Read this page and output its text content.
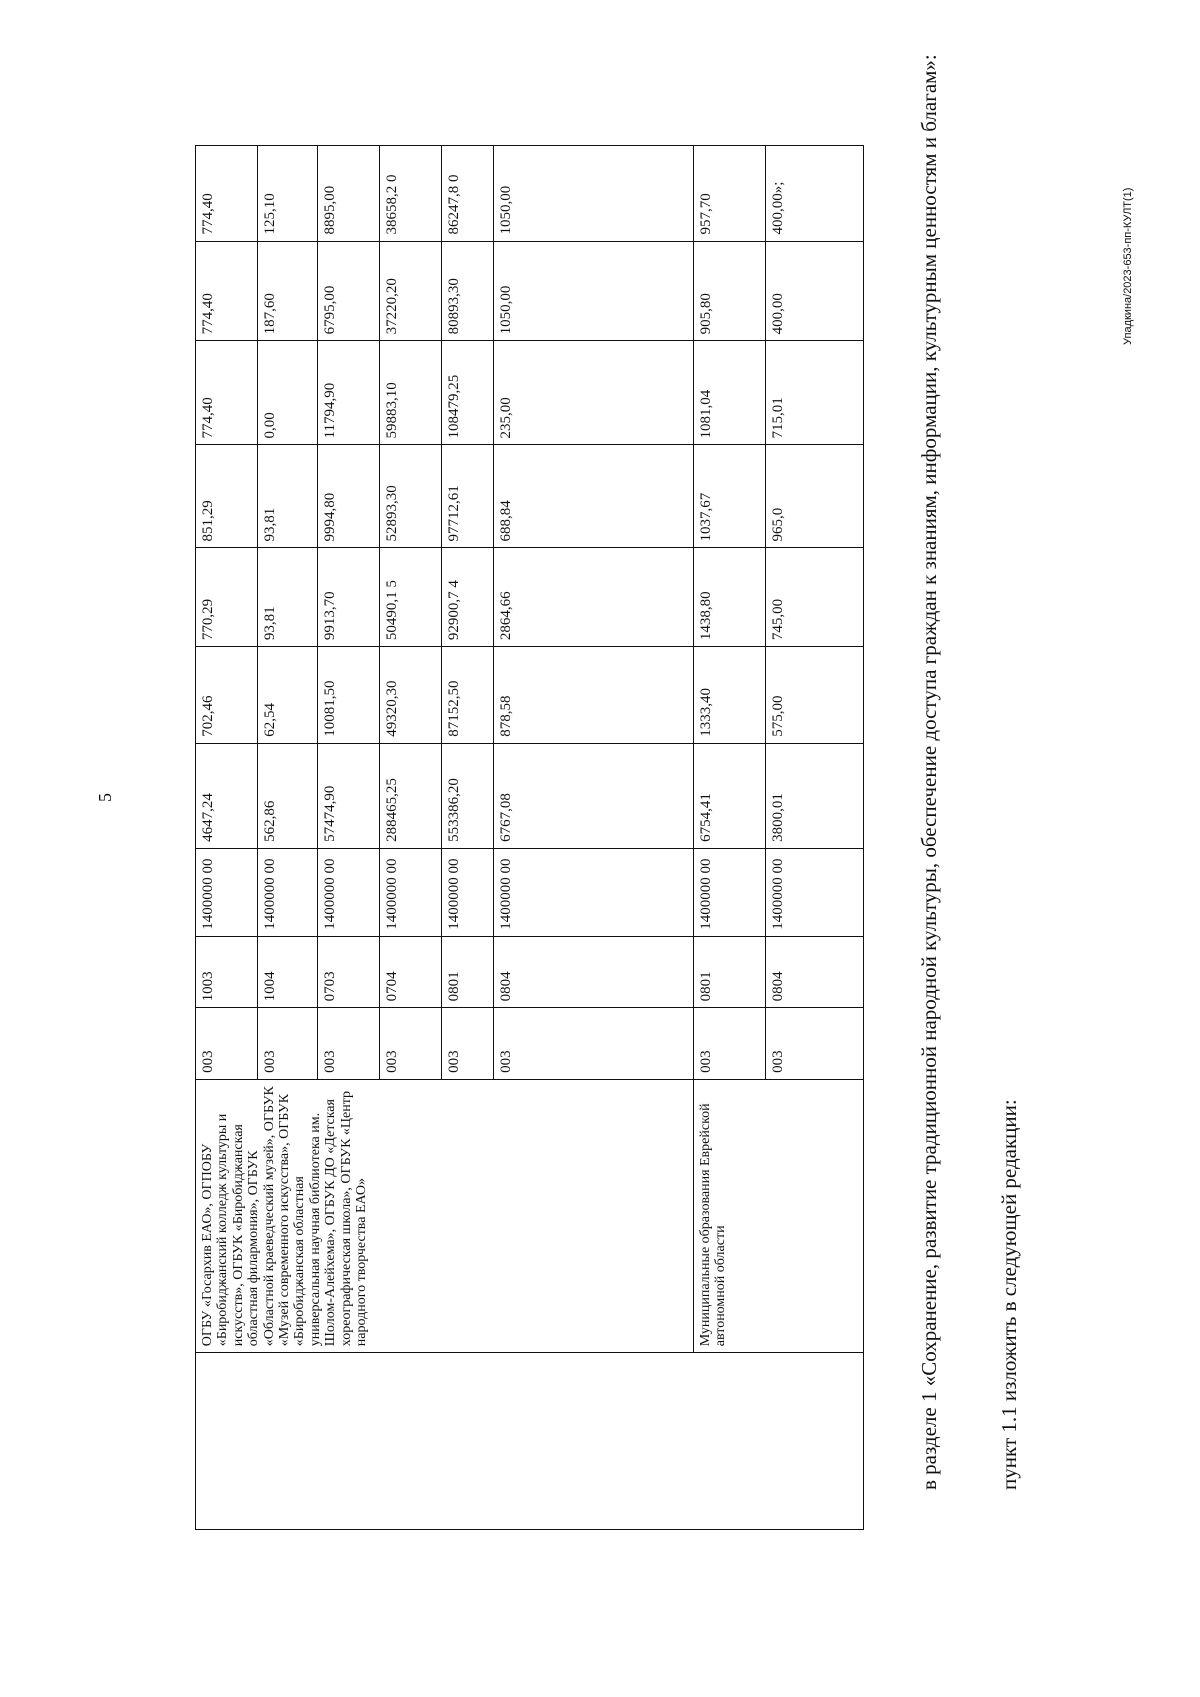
5
Упадкина/2023-653-пп-КУЛТ(1)
	ОГБУ «Госархив ЕАО», ОГПОБУ «Биробиджанский колледж культуры и искусств», ОГБУК «Биробиджанская областная филармония», ОГБУК «Областной краеведческий музей», ОГБУК «Музей современного искусства», ОГБУК «Биробиджанская областная универсальная научная библиотека им. Шолом-Алейхема», ОГБУК ДО «Детская хореографическая школа», ОГБУК «Центр народного творчества ЕАО»	003	1003	1400000 00	4647,24	702,46	770,29	851,29	774,40	774,40	774,40
		003	1004	1400000 00	562,86	62,54	93,81	93,81	0,00	187,60	125,10
		003	0703	1400000 00	57474,90	10081,50	9913,70	9994,80	11794,90	6795,00	8895,00
		003	0704	1400000 00	288465,25	49320,30	50490,1 5	52893,30	59883,10	37220,20	38658,2 0
		003	0801	1400000 00	553386,20	87152,50	92900,7 4	97712,61	108479,25	80893,30	86247,8 0
		003	0804	1400000 00	6767,08	878,58	2864,66	688,84	235,00	1050,00	1050,00
	Муниципальные образования Еврейской автономной области	003	0801	1400000 00	6754,41	1333,40	1438,80	1037,67	1081,04	905,80	957,70
		003	0804	1400000 00	3800,01	575,00	745,00	965,0	715,01	400,00	400,00»;	в разделе 1 «Сохранение, развитие традиционной народной культуры, обеспечение доступа граждан к знаниям, информации, культурным ценностям и благам»:	пункт 1.1 изложить в следующей редакции:
